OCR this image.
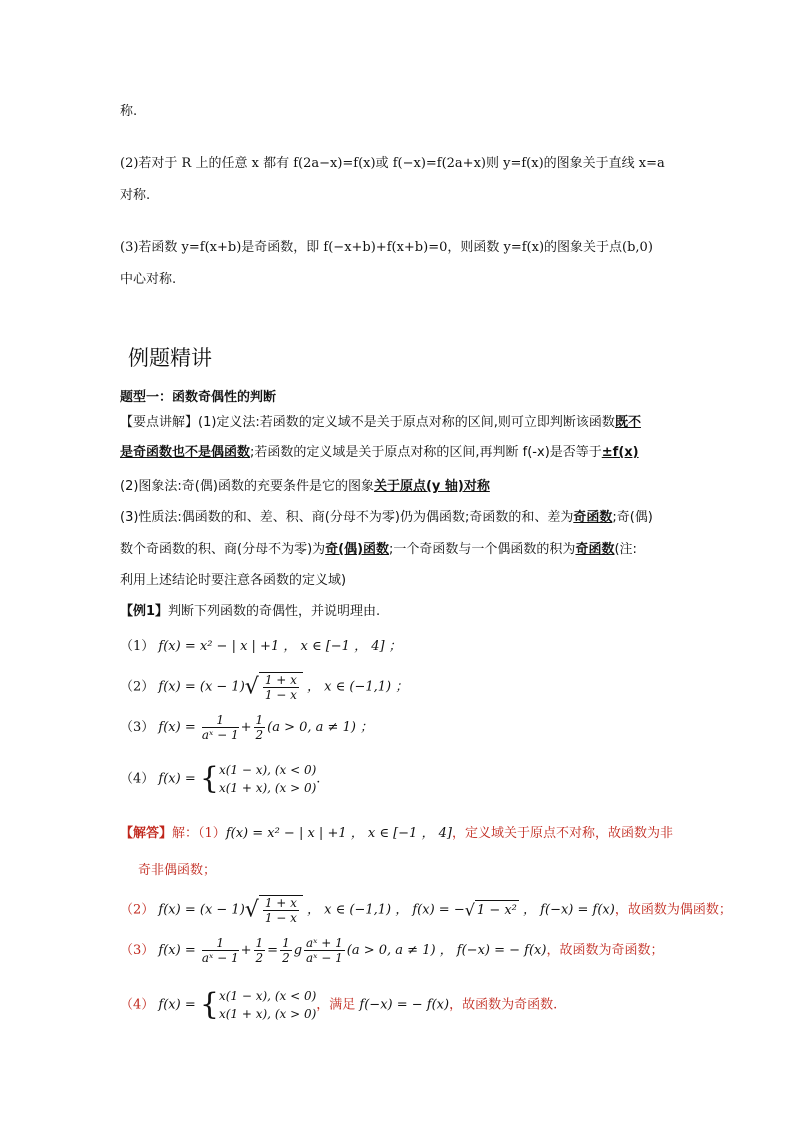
称.
(2)若对于 R 上的任意 x 都有 f(2a−x)=f(x)或 f(−x)=f(2a+x)则 y=f(x)的图象关于直线 x=a
对称.
(3)若函数 y=f(x+b)是奇函数，即 f(−x+b)+f(x+b)=0，则函数 y=f(x)的图象关于点(b,0)
中心对称.
例题精讲
题型一：函数奇偶性的判断
【要点讲解】(1)定义法:若函数的定义域不是关于原点对称的区间,则可立即判断该函数既不
是奇函数也不是偶函数;若函数的定义域是关于原点对称的区间,再判断 f(-x)是否等于±f(x)
(2)图象法:奇(偶)函数的充要条件是它的图象关于原点(y 轴)对称
(3)性质法:偶函数的和、差、积、商(分母不为零)仍为偶函数;奇函数的和、差为奇函数;奇(偶)
数个奇函数的积、商(分母不为零)为奇(偶)函数;一个奇函数与一个偶函数的积为奇函数(注:
利用上述结论时要注意各函数的定义域)
【例1】判断下列函数的奇偶性，并说明理由.
（1） f(x) = x² − | x | +1 ， x ∈ [−1 ， 4] ；
（2） $f(x) = (x - 1)√ \frac{1 + x}{1 - x}$ ， x ∈ (−1,1) ；
（3） $f(x) = \frac{1}{\text{aˣ − 1}} + \frac{1}{2} (a > 0$, a ≠ 1) ；
（4） f(x) = { x(1 − x), (x < 0)
x(1 + x), (x > 0)
.
【解答】解：（1）f(x) = x² − | x | +1 ， x ∈ [−1 ， 4]，定义域关于原点不对称，故函数为非
奇非偶函数；
（2） $f(x) = (x - 1)√ \frac{1 + x}{1 - x}$ ， x ∈ (−1,1) ， f(x) = −√ 1 − x² ， f(−x) = f(x)，故函数为偶函数；
（3） $f(x) = \frac{1}{\text{aˣ − 1}} + \frac{1}{2} = \frac{1}{2}$ g $\frac{\text{aˣ + 1}}{\text{aˣ − 1}} (a > 0$, a ≠ 1) ， f(−x) = − f(x)，故函数为奇函数；
（4） f(x) = { x(1 − x), (x < 0)
x(1 + x), (x > 0)
，满足 f(−x) = − f(x)，故函数为奇函数.
